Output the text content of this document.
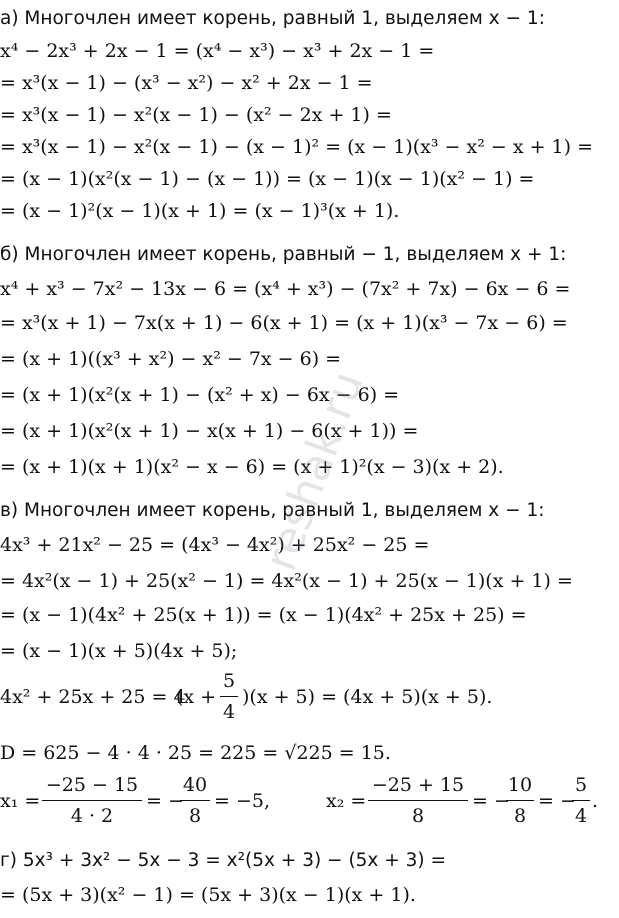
а) Многочлен имеет корень, равный 1, выделяем x − 1:
x⁴ − 2x³ + 2x − 1 = (x⁴ − x³) − x³ + 2x − 1 =
= x³(x − 1) − (x³ − x²) − x² + 2x − 1 =
= x³(x − 1) − x²(x − 1) − (x² − 2x + 1) =
= x³(x − 1) − x²(x − 1) − (x − 1)² = (x − 1)(x³ − x² − x + 1) =
= (x − 1)(x²(x − 1) − (x − 1)) = (x − 1)(x − 1)(x² − 1) =
= (x − 1)²(x − 1)(x + 1) = (x − 1)³(x + 1).
б) Многочлен имеет корень, равный − 1, выделяем x + 1:
x⁴ + x³ − 7x² − 13x − 6 = (x⁴ + x³) − (7x² + 7x) − 6x − 6 =
= x³(x + 1) − 7x(x + 1) − 6(x + 1) = (x + 1)(x³ − 7x − 6) =
= (x + 1)((x³ + x²) − x² − 7x − 6) =
= (x + 1)(x²(x + 1) − (x² + x) − 6x − 6) =
= (x + 1)(x²(x + 1) − x(x + 1) − 6(x + 1)) =
= (x + 1)(x + 1)(x² − x − 6) = (x + 1)²(x − 3)(x + 2).
в) Многочлен имеет корень, равный 1, выделяем x − 1:
4x³ + 21x² − 25 = (4x³ − 4x²) + 25x² − 25 =
= 4x²(x − 1) + 25(x² − 1) = 4x²(x − 1) + 25(x − 1)(x + 1) =
= (x − 1)(4x² + 25(x + 1)) = (x − 1)(4x² + 25x + 25) =
= (x − 1)(x + 5)(4x + 5);
4x² + 25x + 25 = 4
(x +
5
4
)(x + 5) = (4x + 5)(x + 5).
D = 625 − 4 · 4 · 25 = 225 = √225 = 15.
x₁ =
−25 − 15
4 · 2
= −
40
8
= −5,	x₂ =
−25 + 15
8
= −
10
8
= −
5
4
.
г) 5x³ + 3x² − 5x − 3 = x²(5x + 3) − (5x + 3) =
= (5x + 3)(x² − 1) = (5x + 3)(x − 1)(x + 1).
reshak.ru
